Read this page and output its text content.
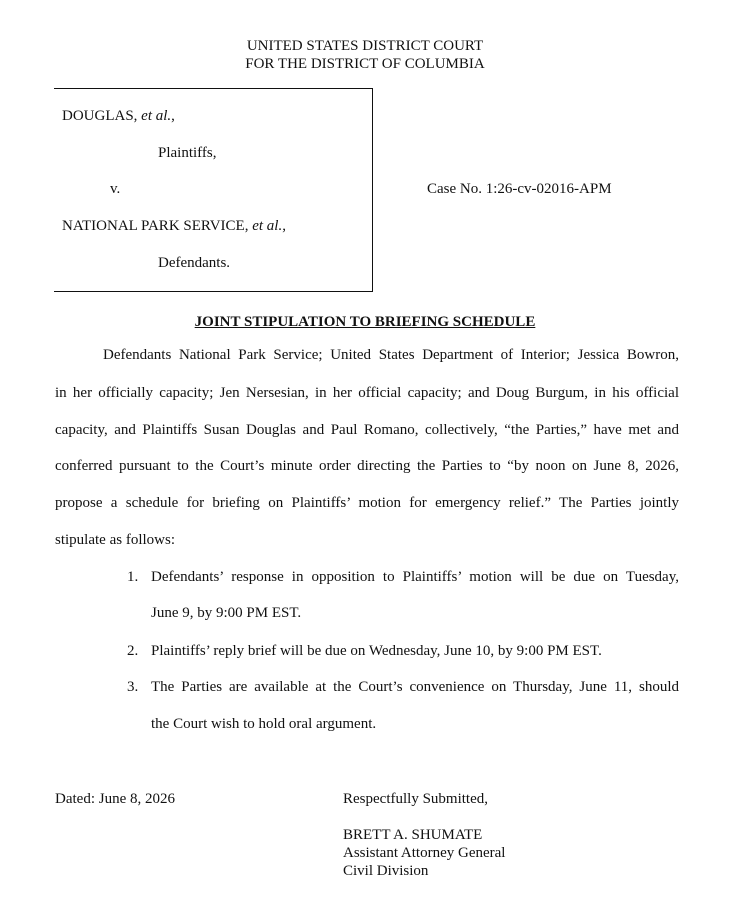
UNITED STATES DISTRICT COURT
FOR THE DISTRICT OF COLUMBIA
DOUGLAS, et al.,
Plaintiffs,
v.
NATIONAL PARK SERVICE, et al.,
Defendants.
Case No. 1:26-cv-02016-APM
JOINT STIPULATION TO BRIEFING SCHEDULE
Defendants National Park Service; United States Department of Interior; Jessica Bowron,
in her officially capacity; Jen Nersesian, in her official capacity; and Doug Burgum, in his official
capacity, and Plaintiffs Susan Douglas and Paul Romano, collectively, “the Parties,” have met and
conferred pursuant to the Court’s minute order directing the Parties to “by noon on June 8, 2026,
propose a schedule for briefing on Plaintiffs’ motion for emergency relief.” The Parties jointly
stipulate as follows:
1. Defendants’ response in opposition to Plaintiffs’ motion will be due on Tuesday,
June 9, by 9:00 PM EST.
2. Plaintiffs’ reply brief will be due on Wednesday, June 10, by 9:00 PM EST.
3. The Parties are available at the Court’s convenience on Thursday, June 11, should
the Court wish to hold oral argument.
Dated: June 8, 2026	Respectfully Submitted,
BRETT A. SHUMATE
Assistant Attorney General
Civil Division
